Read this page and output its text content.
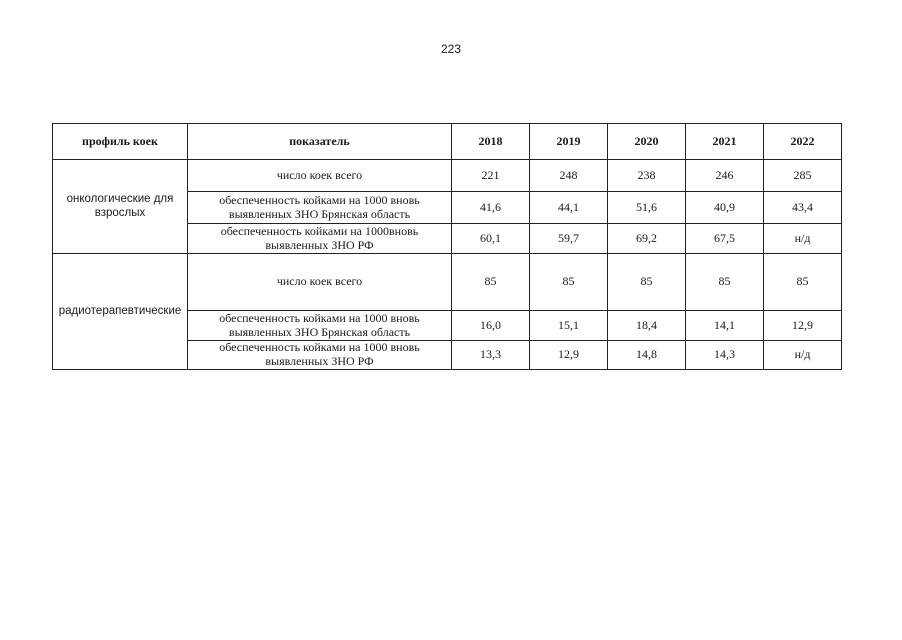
223
профиль коек	показатель	2018	2019	2020	2021	2022
онкологические для взрослых	число коек всего	221	248	238	246	285
	обеспеченность койками на 1000 вновь выявленных ЗНО Брянская область	41,6	44,1	51,6	40,9	43,4
	обеспеченность койками на 1000вновь выявленных ЗНО РФ	60,1	59,7	69,2	67,5	н/д
радиотерапевтические	число коек всего	85	85	85	85	85
	обеспеченность койками на 1000 вновь выявленных ЗНО Брянская область	16,0	15,1	18,4	14,1	12,9
	обеспеченность койками на 1000 вновь выявленных ЗНО РФ	13,3	12,9	14,8	14,3	н/д
